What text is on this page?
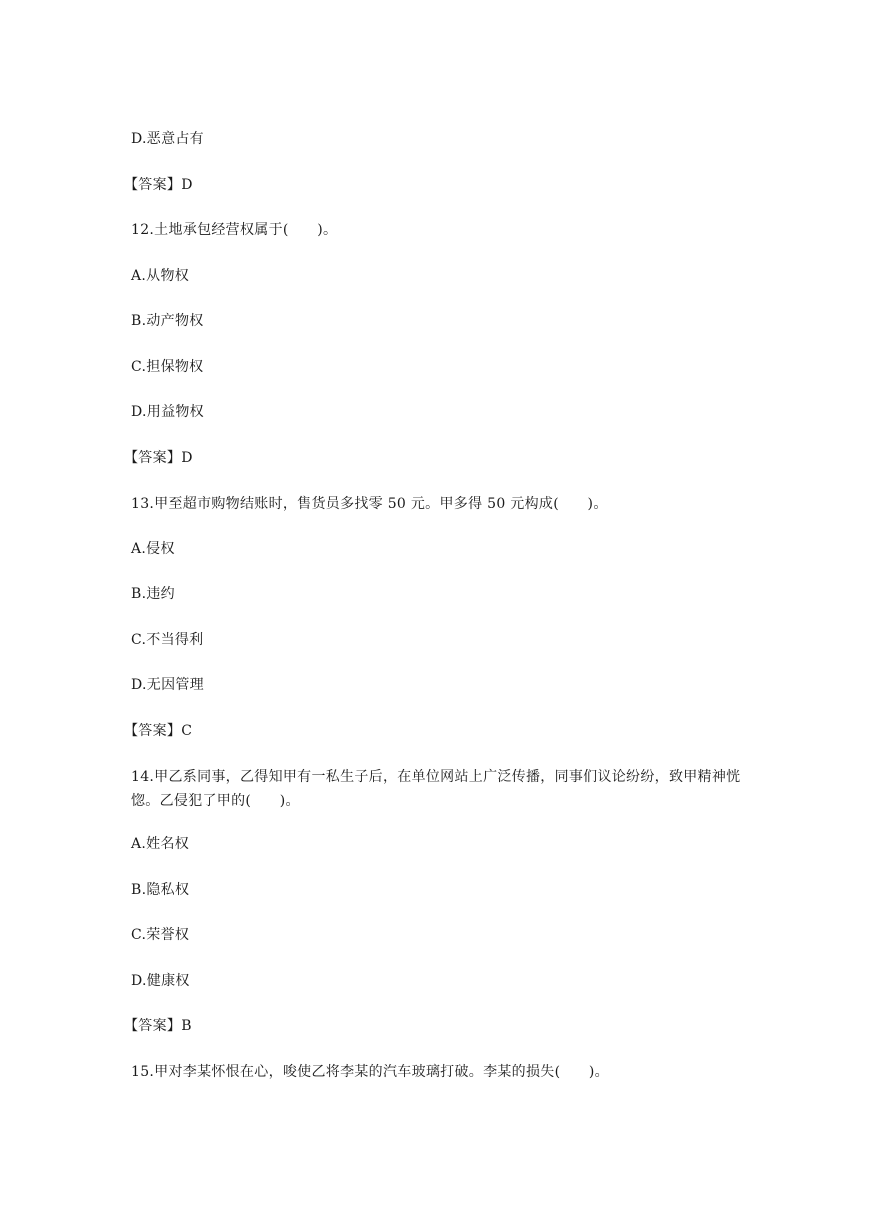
D.恶意占有
【答案】D
12.土地承包经营权属于(　　)。
A.从物权
B.动产物权
C.担保物权
D.用益物权
【答案】D
13.甲至超市购物结账时，售货员多找零 50 元。甲多得 50 元构成(　　)。
A.侵权
B.违约
C.不当得利
D.无因管理
【答案】C
14.甲乙系同事，乙得知甲有一私生子后，在单位网站上广泛传播，同事们议论纷纷，致甲精神恍惚。乙侵犯了甲的(　　)。
A.姓名权
B.隐私权
C.荣誉权
D.健康权
【答案】B
15.甲对李某怀恨在心，唆使乙将李某的汽车玻璃打破。李某的损失(　　)。
